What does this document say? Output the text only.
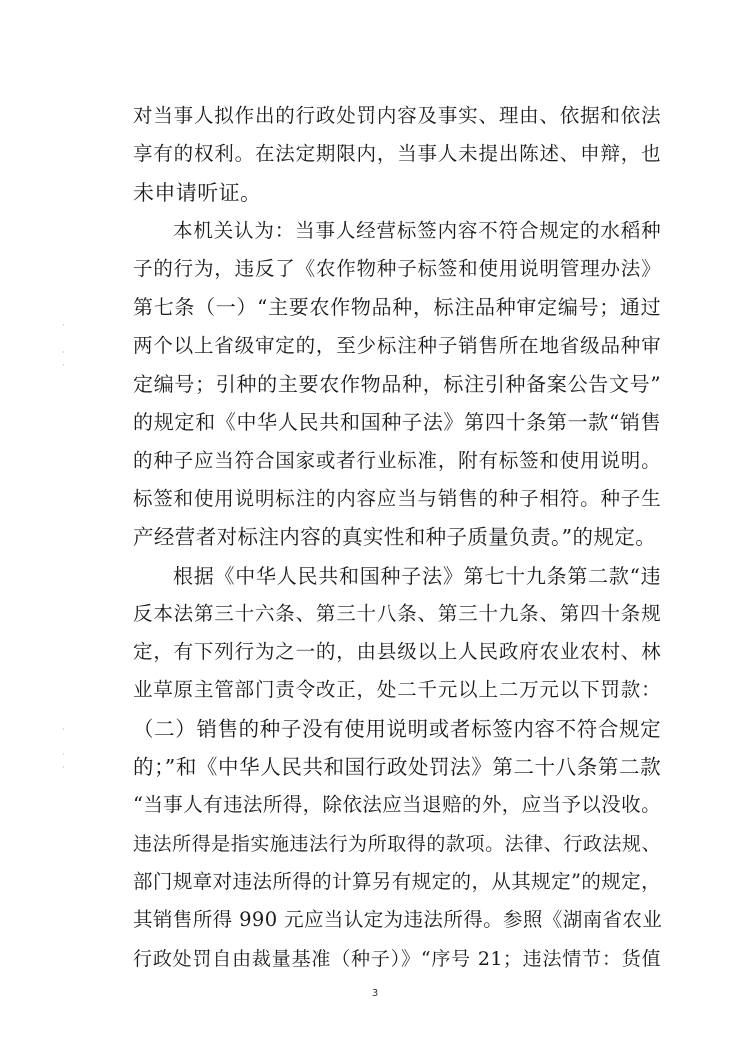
对当事人拟作出的行政处罚内容及事实、理由、依据和依法
享有的权利。在法定期限内，当事人未提出陈述、申辩，也
未申请听证。
本机关认为：当事人经营标签内容不符合规定的水稻种
子的行为，违反了《农作物种子标签和使用说明管理办法》
第七条（一）“主要农作物品种，标注品种审定编号；通过
两个以上省级审定的，至少标注种子销售所在地省级品种审
定编号；引种的主要农作物品种，标注引种备案公告文号”
的规定和《中华人民共和国种子法》第四十条第一款“销售
的种子应当符合国家或者行业标准，附有标签和使用说明。
标签和使用说明标注的内容应当与销售的种子相符。种子生
产经营者对标注内容的真实性和种子质量负责。”的规定。
根据《中华人民共和国种子法》第七十九条第二款“违
反本法第三十六条、第三十八条、第三十九条、第四十条规
定，有下列行为之一的，由县级以上人民政府农业农村、林
业草原主管部门责令改正，处二千元以上二万元以下罚款：
（二）销售的种子没有使用说明或者标签内容不符合规定
的；”和《中华人民共和国行政处罚法》第二十八条第二款
“当事人有违法所得，除依法应当退赔的外，应当予以没收。
违法所得是指实施违法行为所取得的款项。法律、行政法规、
部门规章对违法所得的计算另有规定的，从其规定”的规定，
其销售所得 990 元应当认定为违法所得。参照《湖南省农业
行政处罚自由裁量基准（种子）》“序号 21；违法情节：货值
·
·
·
·
·
·
3
